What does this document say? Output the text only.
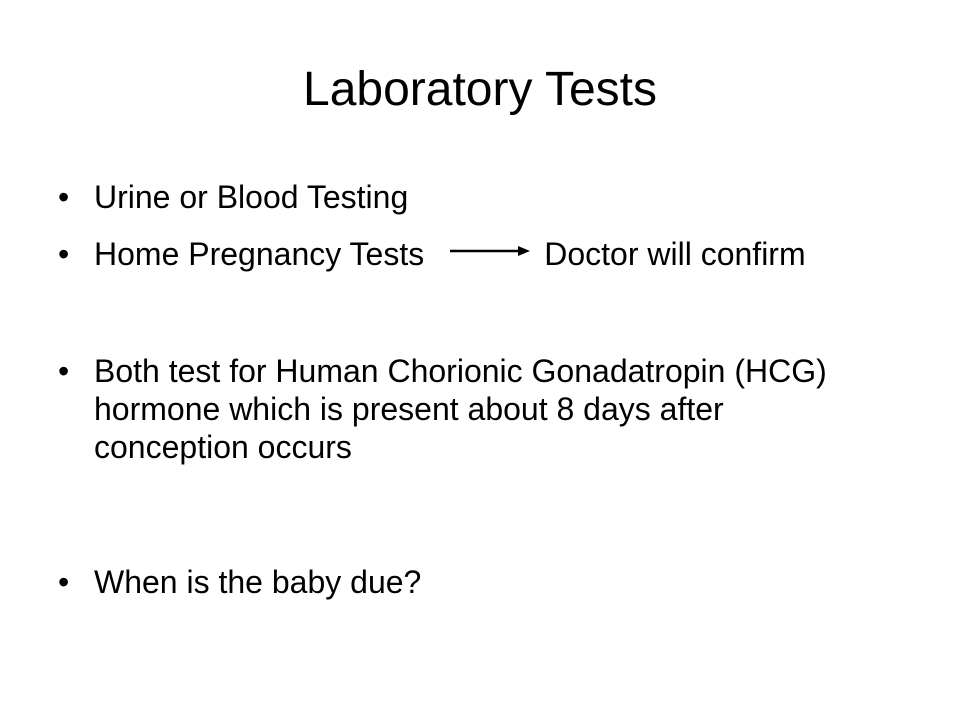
Laboratory Tests
• Urine or Blood Testing
• Home Pregnancy Tests	Doctor will confirm
• Both test for Human Chorionic Gonadatropin (HCG) hormone which is present about 8 days after conception occurs
• When is the baby due?
